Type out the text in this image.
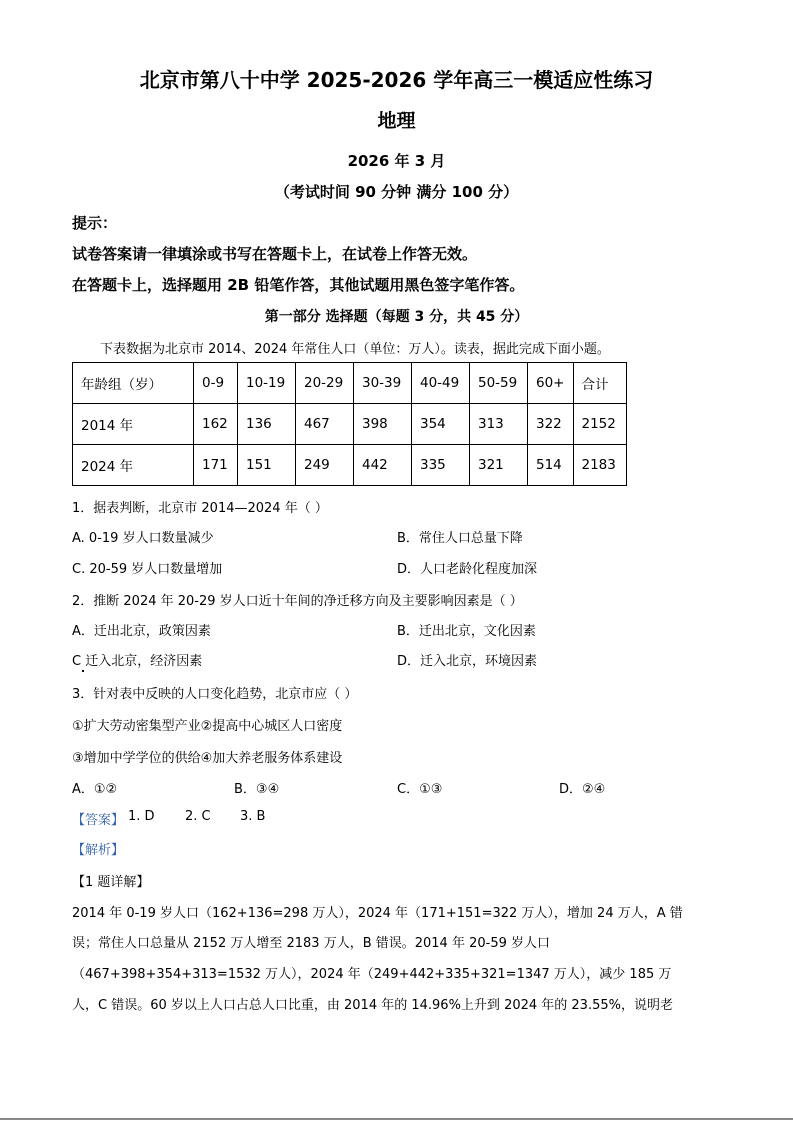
北京市第八十中学 2025-2026 学年高三一模适应性练习
地理
2026 年 3 月
（考试时间 90 分钟 满分 100 分）
提示：
试卷答案请一律填涂或书写在答题卡上，在试卷上作答无效。
在答题卡上，选择题用 2B 铅笔作答，其他试题用黑色签字笔作答。
第一部分 选择题（每题 3 分，共 45 分）
下表数据为北京市 2014、2024 年常住人口（单位：万人）。读表，据此完成下面小题。
年龄组（岁）	0-9	10-19	20-29	30-39	40-49	50-59	60+	合计
2014 年	162	136	467	398	354	313	322	2152
2024 年	171	151	249	442	335	321	514	2183
1．据表判断，北京市 2014—2024 年（ ）
A. 0-19 岁人口数量减少	B．常住人口总量下降
C. 20-59 岁人口数量增加	D．人口老龄化程度加深
2．推断 2024 年 20-29 岁人口近十年间的净迁移方向及主要影响因素是（ ）
A．迁出北京，政策因素	B．迁出北京，文化因素
C 迁入北京，经济因素	D．迁入北京，环境因素
3．针对表中反映的人口变化趋势，北京市应（ ）
①扩大劳动密集型产业②提高中心城区人口密度
③增加中学学位的供给④加大养老服务体系建设
A．①②	B．③④	C．①③	D．②④
【答案】 1. D 2. C 3. B
【解析】
【1 题详解】
2014 年 0-19 岁人口（162+136=298 万人），2024 年（171+151=322 万人），增加 24 万人，A 错
误；常住人口总量从 2152 万人增至 2183 万人，B 错误。2014 年 20-59 岁人口
（467+398+354+313=1532 万人），2024 年（249+442+335+321=1347 万人），减少 185 万
人，C 错误。60 岁以上人口占总人口比重，由 2014 年的 14.96%上升到 2024 年的 23.55%，说明老
